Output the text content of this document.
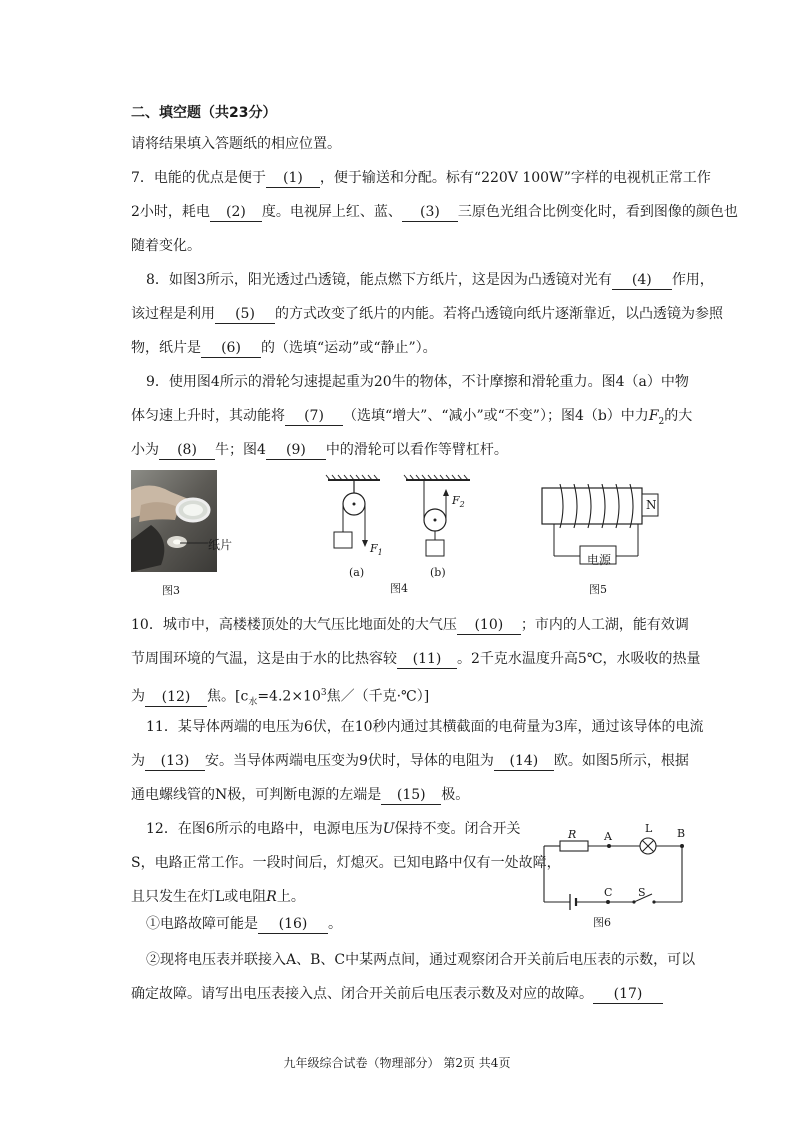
二、填空题（共23分）
请将结果填入答题纸的相应位置。
7．电能的优点是便于 (1) ，便于输送和分配。标有“220V 100W”字样的电视机正常工作
2小时，耗电 (2) 度。电视屏上红、蓝、 (3) 三原色光组合比例变化时，看到图像的颜色也
随着变化。
8．如图3所示，阳光透过凸透镜，能点燃下方纸片，这是因为凸透镜对光有 (4) 作用，
该过程是利用 (5) 的方式改变了纸片的内能。若将凸透镜向纸片逐渐靠近，以凸透镜为参照
物，纸片是 (6) 的（选填“运动”或“静止”）。
9．使用图4所示的滑轮匀速提起重为20牛的物体，不计摩擦和滑轮重力。图4（a）中物
体匀速上升时，其动能将 (7) （选填“增大”、“减小”或“不变”）；图4（b）中力$F_2$的大
小为 (8) 牛；图4 (9) 中的滑轮可以看作等臂杠杆。
纸片
图3
$F_1$
$F_2$
(a)	(b)
图4
N
电源
图5
10．城市中，高楼楼顶处的大气压比地面处的大气压 (10) ；市内的人工湖，能有效调
节周围环境的气温，这是由于水的比热容较 (11) 。2千克水温度升高5℃，水吸收的热量
为 (12) 焦。[$c_水=4.2\times 10^3$焦／（千克·℃）]
11．某导体两端的电压为6伏，在10秒内通过其横截面的电荷量为3库，通过该导体的电流
为 (13) 安。当导体两端电压变为9伏时，导体的电阻为 (14) 欧。如图5所示，根据
通电螺线管的N极，可判断电源的左端是 (15) 极。
12．在图6所示的电路中，电源电压为U保持不变。闭合开关
S，电路正常工作。一段时间后，灯熄灭。已知电路中仅有一处故障，
且只发生在灯L或电阻R上。
①电路故障可能是 (16) 。
②现将电压表并联接入A、B、C中某两点间，通过观察闭合开关前后电压表的示数，可以
确定故障。请写出电压表接入点、闭合开关前后电压表示数及对应的故障。 (17)
R	A
L B
C S
图6
九年级综合试卷（物理部分） 第2页 共4页
